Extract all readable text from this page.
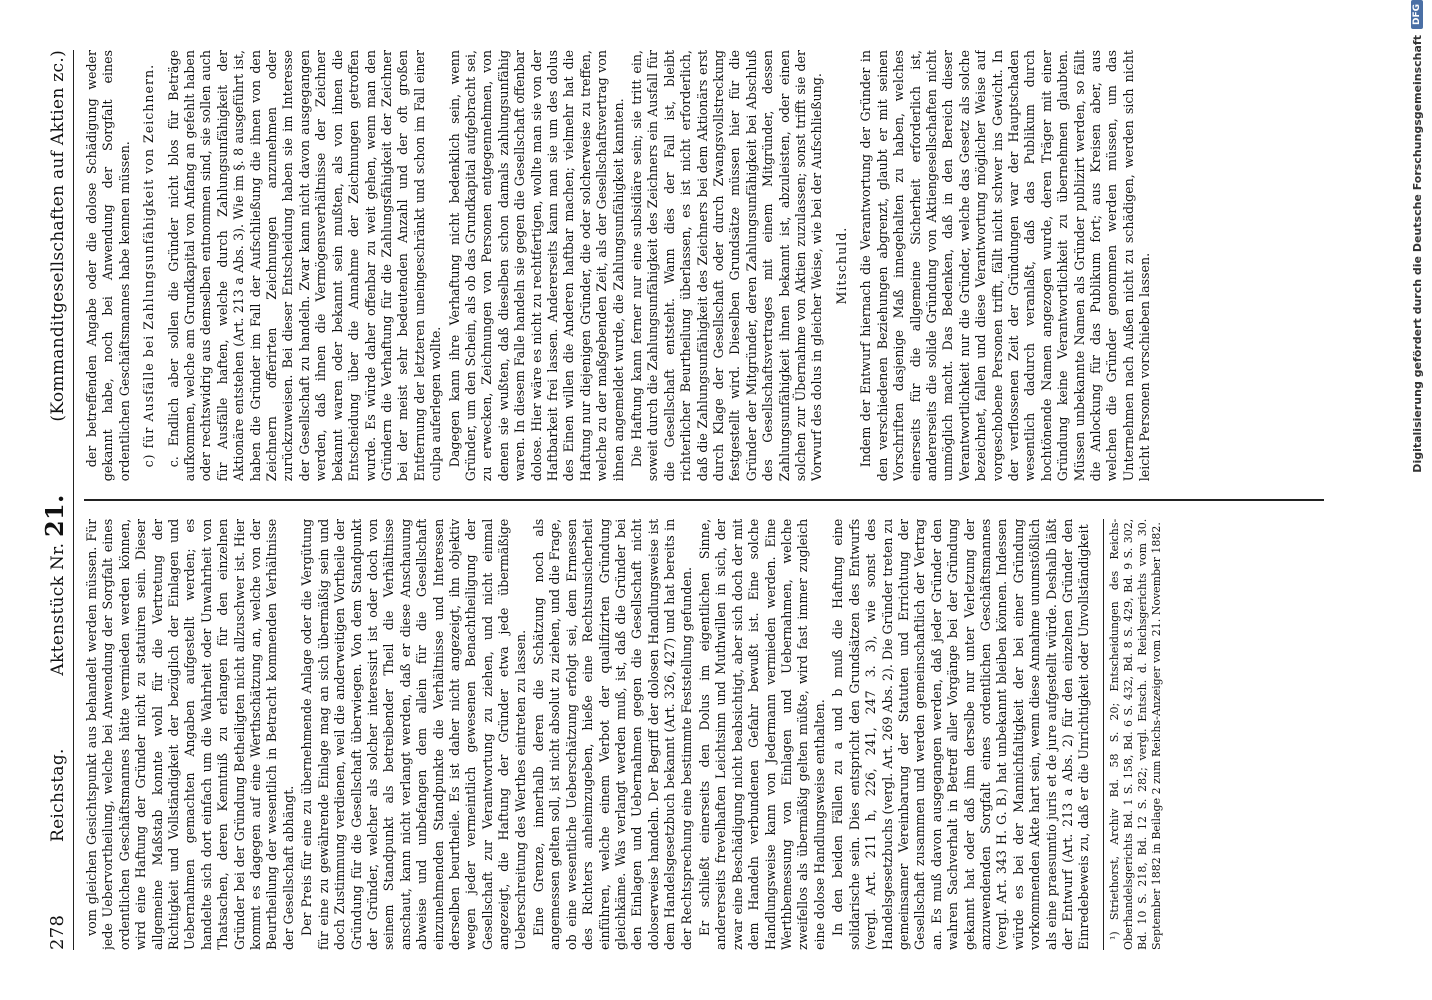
278
Reichstag.
Aktenstück Nr. 21.
(Kommanditgesellschaften auf Aktien zc.)

vom gleichen Gesichtspunkt aus behandelt werden müssen. Für jede Uebervortheilung, welche bei Anwendung der Sorgfalt eines ordentlichen Geschäftsmannes hätte vermieden werden können, wird eine Haftung der Gründer nicht zu statuiren sein. Dieser allgemeine Maßstab konnte wohl für die Vertretung der Richtigkeit und Vollständigkeit der bezüglich der Einlagen und Uebernahmen gemachten Angaben aufgestellt werden; es handelte sich dort einfach um die Wahrheit oder Unwahrheit von Thatsachen, deren Kenntniß zu erlangen für den einzelnen Gründer bei der Gründung Betheiligten nicht allzuschwer ist. Hier kommt es dagegen auf eine Werthschätzung an, welche von der Beurtheilung der wesentlich in Betracht kommenden Verhältnisse der Gesellschaft abhängt. Der Preis für eine zu übernehmende Anlage oder die Vergütung für eine zu gewährende Einlage mag an sich übermäßig sein und doch Zustimmung verdienen, weil die anderweitigen Vortheile der Gründung für die Gesellschaft überwiegen. Von dem Standpunkt der Gründer, welcher als solcher interessirt ist oder doch von seinem Standpunkt als betreibender Theil die Verhältnisse anschaut, kann nicht verlangt werden, daß er diese Anschauung abweise und unbefangen dem allein für die Gesellschaft einzunehmenden Standpunkte die Verhältnisse und Interessen derselben beurtheile. Es ist daher nicht angezeigt, ihn objektiv wegen jeder vermeintlich gewesenen Benachtheiligung der Gesellschaft zur Verantwortung zu ziehen, und nicht einmal angezeigt, die Haftung der Gründer etwa jede übermäßige Ueberschreitung des Werthes eintreten zu lassen. Eine Grenze, innerhalb deren die Schätzung noch als angemessen gelten soll, ist nicht absolut zu ziehen, und die Frage, ob eine wesentliche Ueberschätzung erfolgt sei, dem Ermessen des Richters anheimzugeben, hieße eine Rechtsunsicherheit einführen, welche einem Verbot der qualifizirten Gründung gleichkäme. Was verlangt werden muß, ist, daß die Gründer bei den Einlagen und Uebernahmen gegen die Gesellschaft nicht doloserweise handeln. Der Begriff der dolosen Handlungsweise ist dem Handelsgesetzbuch bekannt (Art. 326, 427) und hat bereits in der Rechtsprechung eine bestimmte Feststellung gefunden. Er schließt einerseits den Dolus im eigentlichen Sinne, andererseits frevelhaften Leichtsinn und Muthwillen in sich, der zwar eine Beschädigung nicht beabsichtigt, aber sich doch der mit dem Handeln verbundenen Gefahr bewußt ist. Eine solche Handlungsweise kann von Jedermann vermieden werden. Eine Werthbemessung von Einlagen und Uebernahmen, welche zweifellos als übermäßig gelten müßte, wird fast immer zugleich eine dolose Handlungsweise enthalten. In den beiden Fällen zu a und b muß die Haftung eine solidarische sein. Dies entspricht den Grundsätzen des Entwurfs (vergl. Art. 211 h, 226, 241, 247 3. 3), wie sonst des Handelsgesetzbuchs (vergl. Art. 269 Abs. 2). Die Gründer treten zu gemeinsamer Vereinbarung der Statuten und Errichtung der Gesellschaft zusammen und werden gemeinschaftlich der Vertrag an. Es muß davon ausgegangen werden, daß jeder Gründer den wahren Sachverhalt in Betreff aller Vorgänge bei der Gründung gekannt hat oder daß ihm derselbe nur unter Verletzung der anzuwendenden Sorgfalt eines ordentlichen Geschäftsmannes (vergl. Art. 343 H. G. B.) hat unbekannt bleiben können. Indessen würde es bei der Mannichfaltigkeit der bei einer Gründung vorkommenden Akte hart sein, wenn diese Annahme unumstößlich als eine praesumtio juris et de jure aufgestellt würde. Deshalb läßt der Entwurf (Art. 213 a Abs. 2) für den einzelnen Gründer den Einredebeweis zu, daß er die Unrichtigkeit oder Unvollständigkeit ¹) Striethorst, Archiv Bd. 58 S. 20; Entscheidungen des Reichs-Oberhandelsgerichts Bd. 1 S. 158, Bd. 6 S. 432, Bd. 8 S. 429, Bd. 9 S. 302, Bd. 10 S. 218, Bd. 12 S. 282; vergl. Entsch. d. Reichsgerichts vom 30. September 1882 in Beilage 2 zum Reichs-Anzeiger vom 21. November 1882.

der betreffenden Angabe oder die dolose Schädigung weder gekannt habe, noch bei Anwendung der Sorgfalt eines ordentlichen Geschäftsmannes habe kennen müssen. c) für Ausfälle bei Zahlungsunfähigkeit von Zeichnern. c. Endlich aber sollen die Gründer nicht blos für Beträge aufkommen, welche am Grundkapital von Anfang an gefehlt haben oder rechtswidrig aus demselben entnommen sind, sie sollen auch für Ausfälle haften, welche durch Zahlungsunfähigkeit der Aktionäre entstehen (Art. 213 a Abs. 3). Wie im §. 8 ausgeführt ist, haben die Gründer im Fall der Aufschließung die ihnen von den Zeichnern offerirten Zeichnungen anzunehmen oder zurückzuweisen. Bei dieser Entscheidung haben sie im Interesse der Gesellschaft zu handeln. Zwar kann nicht davon ausgegangen werden, daß ihnen die Vermögensverhältnisse der Zeichner bekannt waren oder bekannt sein mußten, als von ihnen die Entscheidung über die Annahme der Zeichnungen getroffen wurde. Es würde daher offenbar zu weit gehen, wenn man den Gründern die Verhaftung für die Zahlungsfähigkeit der Zeichner bei der meist sehr bedeutenden Anzahl und der oft großen Entfernung der letzteren uneingeschränkt und schon im Fall einer culpa auferlegen wollte. Dagegen kann ihre Verhaftung nicht bedenklich sein, wenn Gründer, um den Schein, als ob das Grundkapital aufgebracht sei, zu erwecken, Zeichnungen von Personen entgegennehmen, von denen sie wußten, daß dieselben schon damals zahlungsunfähig waren. In diesem Falle handeln sie gegen die Gesellschaft offenbar dolose. Hier wäre es nicht zu rechtfertigen, wollte man sie von der Haftbarkeit frei lassen. Andererseits kann man sie um des dolus des Einen willen die Anderen haftbar machen; vielmehr hat die Haftung nur diejenigen Gründer, die oder solcherweise zu treffen, welche zu der maßgebenden Zeit, als der Gesellschaftsvertrag von ihnen angemeldet wurde, die Zahlungsunfähigkeit kannten. Die Haftung kann ferner nur eine subsidiäre sein; sie tritt ein, soweit durch die Zahlungsunfähigkeit des Zeichners ein Ausfall für die Gesellschaft entsteht. Wann dies der Fall ist, bleibt richterlicher Beurtheilung überlassen, es ist nicht erforderlich, daß die Zahlungsunfähigkeit des Zeichners bei dem Aktionärs erst durch Klage der Gesellschaft oder durch Zwangsvollstreckung festgestellt wird. Dieselben Grundsätze müssen hier für die Gründer der Mitgründer, deren Zahlungsunfähigkeit bei Abschluß des Gesellschaftsvertrages mit einem Mitgründer, dessen Zahlungsunfähigkeit ihnen bekannt ist, abzuleisten, oder einen solchen zur Übernahme von Aktien zuzulassen; sonst trifft sie der Vorwurf des dolus in gleicher Weise, wie bei der Aufschließung. Mitschuld. Indem der Entwurf hiernach die Verantwortung der Gründer in den verschiedenen Beziehungen abgrenzt, glaubt er mit seinen Vorschriften dasjenige Maß innegehalten zu haben, welches einerseits für die allgemeine Sicherheit erforderlich ist, andererseits die solide Gründung von Aktiengesellschaften nicht unmöglich macht. Das Bedenken, daß in den Bereich dieser Verantwortlichkeit nur die Gründer, welche das Gesetz als solche bezeichnet, fallen und diese Verantwortung möglicher Weise auf vorgeschobene Personen trifft, fällt nicht schwer ins Gewicht. In der verflossenen Zeit der Gründungen war der Hauptschaden wesentlich dadurch veranlaßt, daß das Publikum durch hochtönende Namen angezogen wurde, deren Träger mit einer Gründung keine Verantwortlichkeit zu übernehmen glaubten. Müssen unbekannte Namen als Gründer publizirt werden, so fällt die Anlockung für das Publikum fort; aus Kreisen aber, aus welchen die Gründer genommen werden müssen, um das Unternehmen nach Außen nicht zu schädigen, werden sich nicht leicht Personen vorschieben lassen.	Digitalisierung gefördert durch die Deutsche Forschungsgemeinschaft
DFG
